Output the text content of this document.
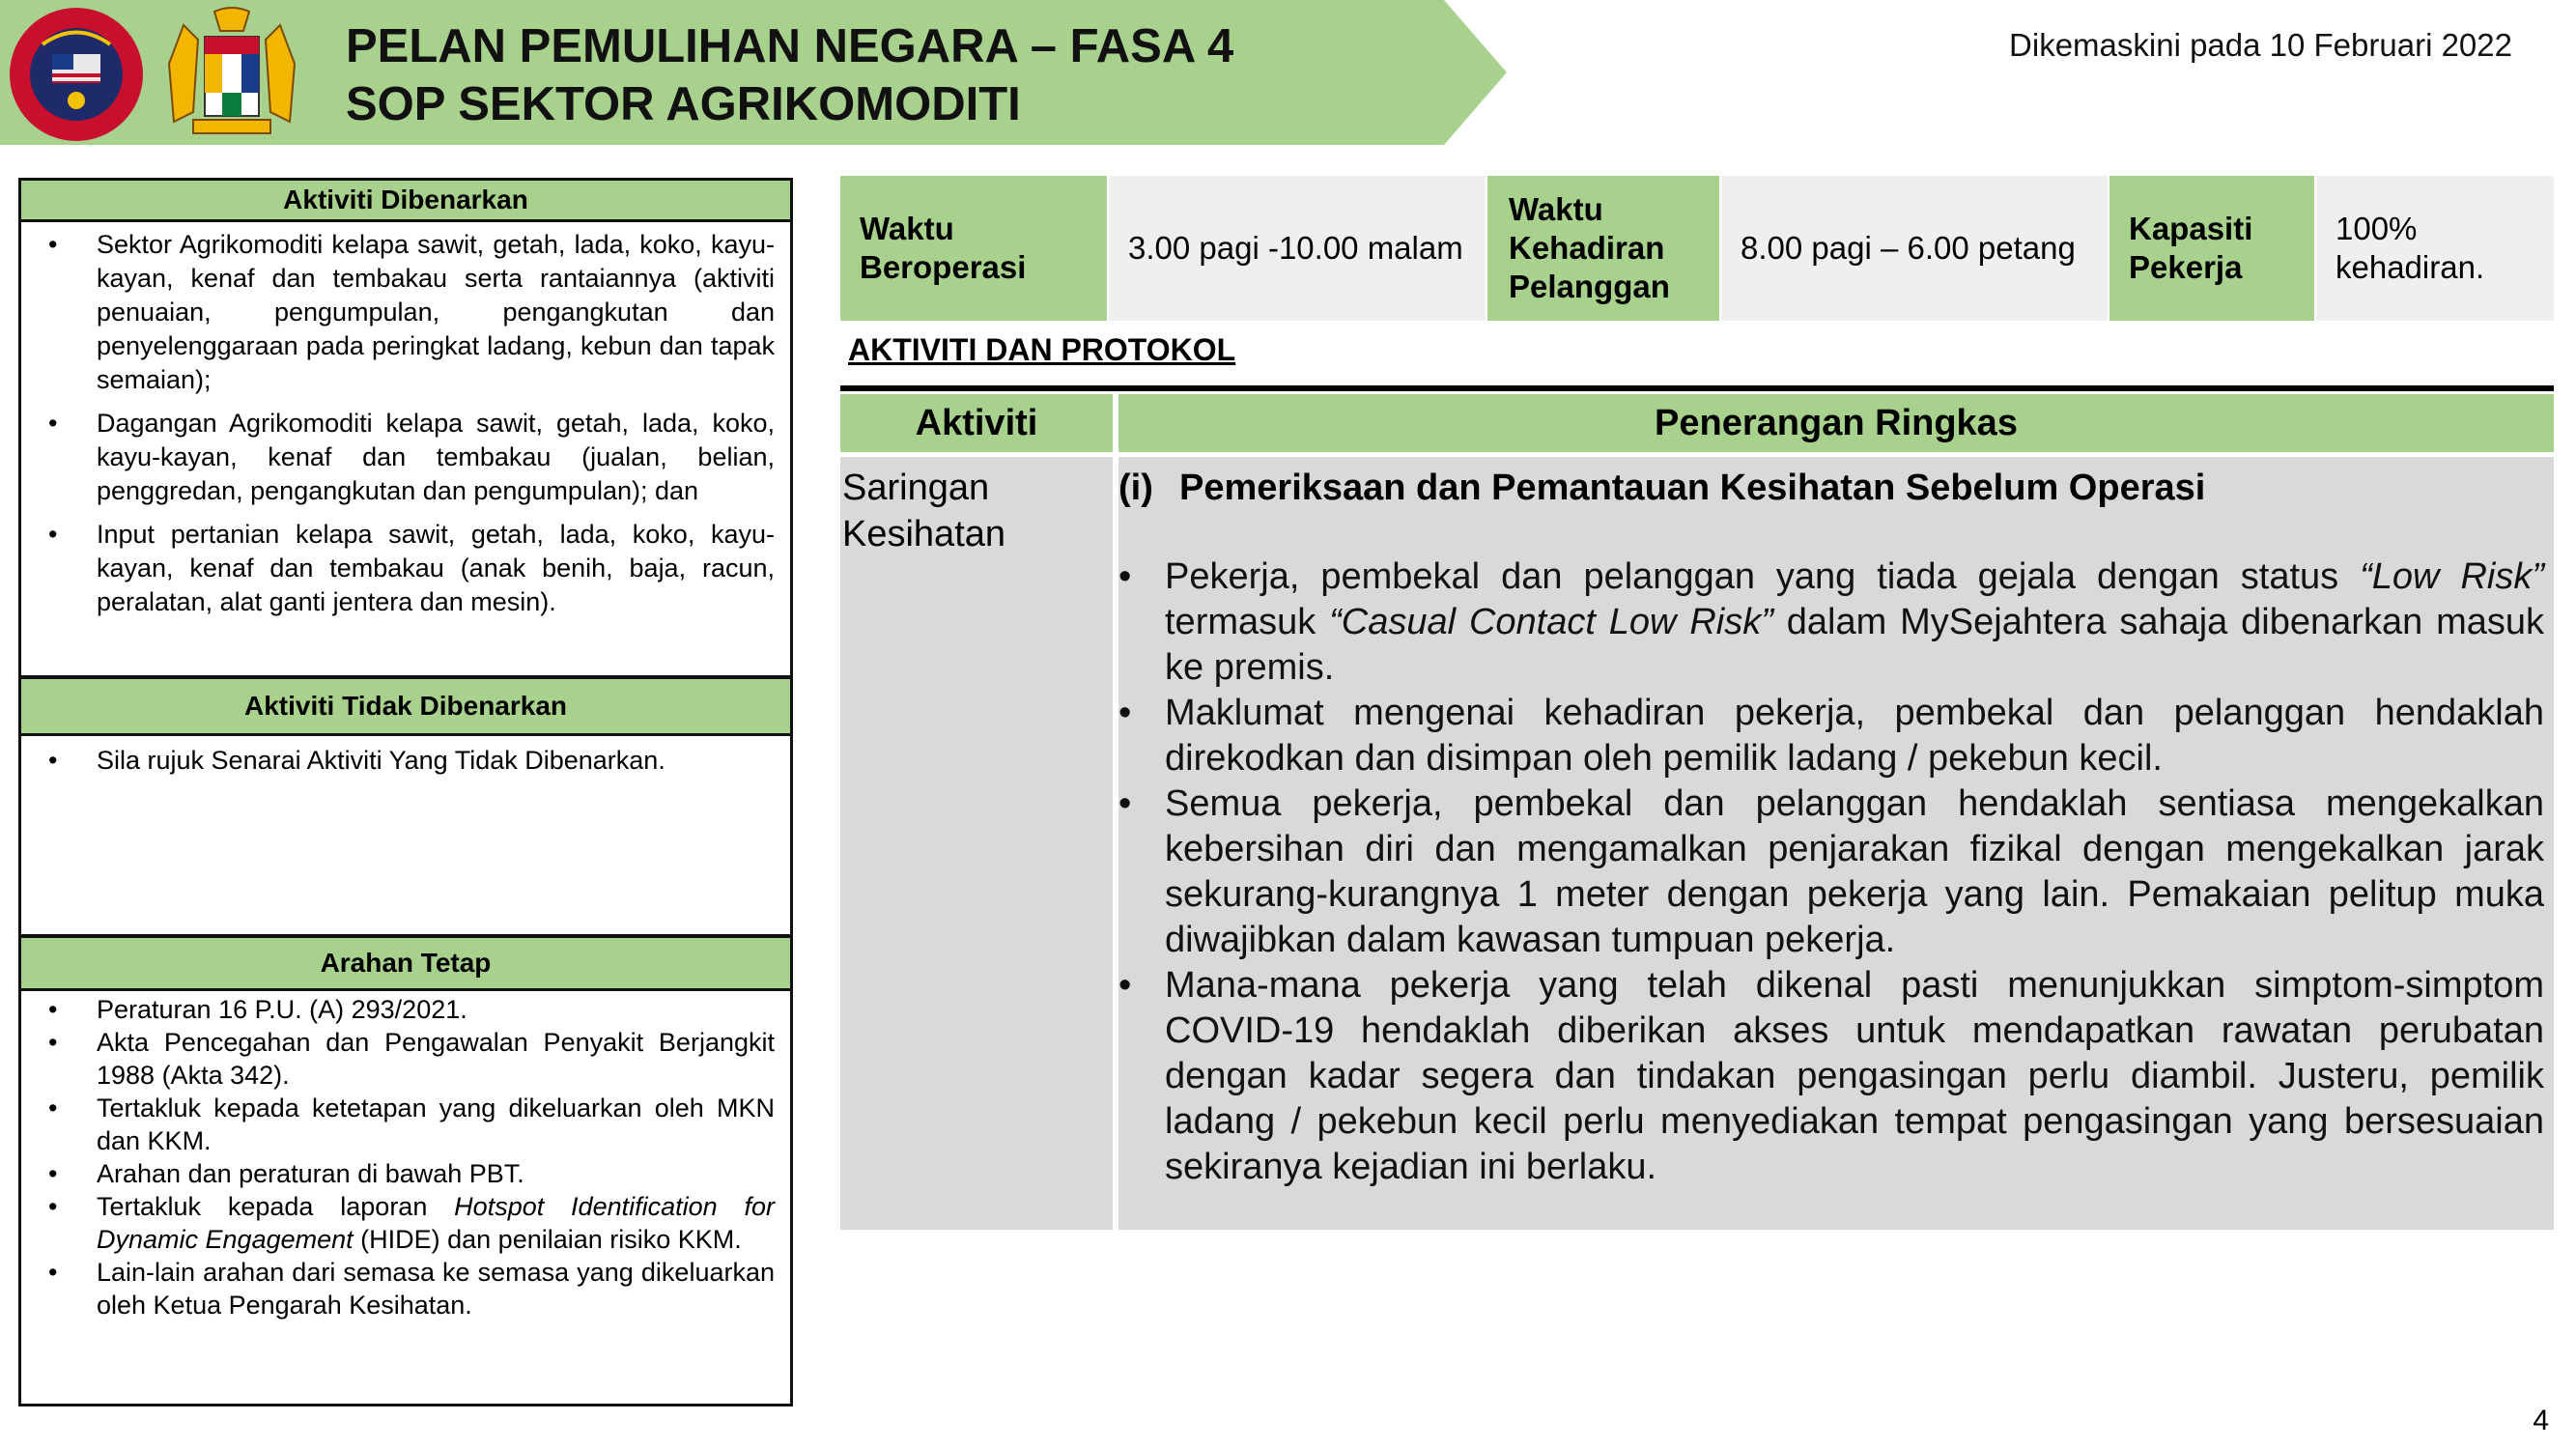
PELAN PEMULIHAN NEGARA – FASA 4
SOP SEKTOR AGRIKOMODITI
Dikemaskini pada 10 Februari 2022
Aktiviti Dibenarkan
• Sektor Agrikomoditi kelapa sawit, getah, lada, koko, kayu-kayan, kenaf dan tembakau serta rantaiannya (aktiviti penuaian, pengumpulan, pengangkutan dan penyelenggaraan pada peringkat ladang, kebun dan tapak semaian);
• Dagangan Agrikomoditi kelapa sawit, getah, lada, koko, kayu-kayan, kenaf dan tembakau (jualan, belian, penggredan, pengangkutan dan pengumpulan); dan
• Input pertanian kelapa sawit, getah, lada, koko, kayu-kayan, kenaf dan tembakau (anak benih, baja, racun, peralatan, alat ganti jentera dan mesin).
Aktiviti Tidak Dibenarkan
• Sila rujuk Senarai Aktiviti Yang Tidak Dibenarkan.
Arahan Tetap
• Peraturan 16 P.U. (A) 293/2021.
• Akta Pencegahan dan Pengawalan Penyakit Berjangkit 1988 (Akta 342).
• Tertakluk kepada ketetapan yang dikeluarkan oleh MKN dan KKM.
• Arahan dan peraturan di bawah PBT.
• Tertakluk kepada laporan Hotspot Identification for Dynamic Engagement (HIDE) dan penilaian risiko KKM.
• Lain-lain arahan dari semasa ke semasa yang dikeluarkan oleh Ketua Pengarah Kesihatan.
Waktu Beroperasi
3.00 pagi -10.00 malam
Waktu Kehadiran Pelanggan
8.00 pagi – 6.00 petang
Kapasiti Pekerja
100% kehadiran.
AKTIVITI DAN PROTOKOL
Aktiviti	Penerangan Ringkas
Saringan Kesihatan
(i) Pemeriksaan dan Pemantauan Kesihatan Sebelum Operasi
• Pekerja, pembekal dan pelanggan yang tiada gejala dengan status “Low Risk” termasuk “Casual Contact Low Risk” dalam MySejahtera sahaja dibenarkan masuk ke premis.
• Maklumat mengenai kehadiran pekerja, pembekal dan pelanggan hendaklah direkodkan dan disimpan oleh pemilik ladang / pekebun kecil.
• Semua pekerja, pembekal dan pelanggan hendaklah sentiasa mengekalkan kebersihan diri dan mengamalkan penjarakan fizikal dengan mengekalkan jarak sekurang-kurangnya 1 meter dengan pekerja yang lain. Pemakaian pelitup muka diwajibkan dalam kawasan tumpuan pekerja.
• Mana-mana pekerja yang telah dikenal pasti menunjukkan simptom-simptom COVID-19 hendaklah diberikan akses untuk mendapatkan rawatan perubatan dengan kadar segera dan tindakan pengasingan perlu diambil. Justeru, pemilik ladang / pekebun kecil perlu menyediakan tempat pengasingan yang bersesuaian sekiranya kejadian ini berlaku.
4
